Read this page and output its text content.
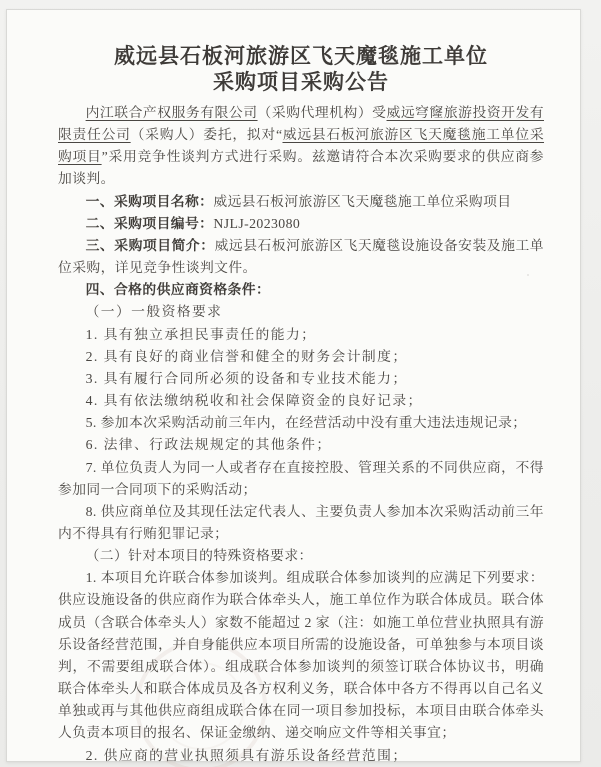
威远县石板河旅游区飞天魔毯施工单位
采购项目采购公告

内江联合产权服务有限公司（采购代理机构）受威远穹窿旅游投资开发有限责任公司（采购人）委托，拟对“威远县石板河旅游区飞天魔毯施工单位采购项目”采用竞争性谈判方式进行采购。兹邀请符合本次采购要求的供应商参加谈判。

一、采购项目名称：威远县石板河旅游区飞天魔毯施工单位采购项目

二、采购项目编号：NJLJ-2023080

三、采购项目简介：威远县石板河旅游区飞天魔毯设施设备安装及施工单位采购，详见竞争性谈判文件。

四、合格的供应商资格条件：

（一）一般资格要求

1. 具有独立承担民事责任的能力；

2. 具有良好的商业信誉和健全的财务会计制度；

3. 具有履行合同所必须的设备和专业技术能力；

4. 具有依法缴纳税收和社会保障资金的良好记录；

5. 参加本次采购活动前三年内，在经营活动中没有重大违法违规记录；

6. 法律、行政法规规定的其他条件；

7. 单位负责人为同一人或者存在直接控股、管理关系的不同供应商，不得参加同一合同项下的采购活动；

8. 供应商单位及其现任法定代表人、主要负责人参加本次采购活动前三年内不得具有行贿犯罪记录；

（二）针对本项目的特殊资格要求：

1. 本项目允许联合体参加谈判。组成联合体参加谈判的应满足下列要求：供应设施设备的供应商作为联合体牵头人，施工单位作为联合体成员。联合体成员（含联合体牵头人）家数不能超过 2 家（注：如施工单位营业执照具有游乐设备经营范围，并自身能供应本项目所需的设施设备，可单独参与本项目谈判，不需要组成联合体）。组成联合体参加谈判的须签订联合体协议书，明确联合体牵头人和联合体成员及各方权利义务，联合体中各方不得再以自己名义单独或再与其他供应商组成联合体在同一项目参加投标，本项目由联合体牵头人负责本项目的报名、保证金缴纳、递交响应文件等相关事宜；

2. 供应商的营业执照须具有游乐设备经营范围；
